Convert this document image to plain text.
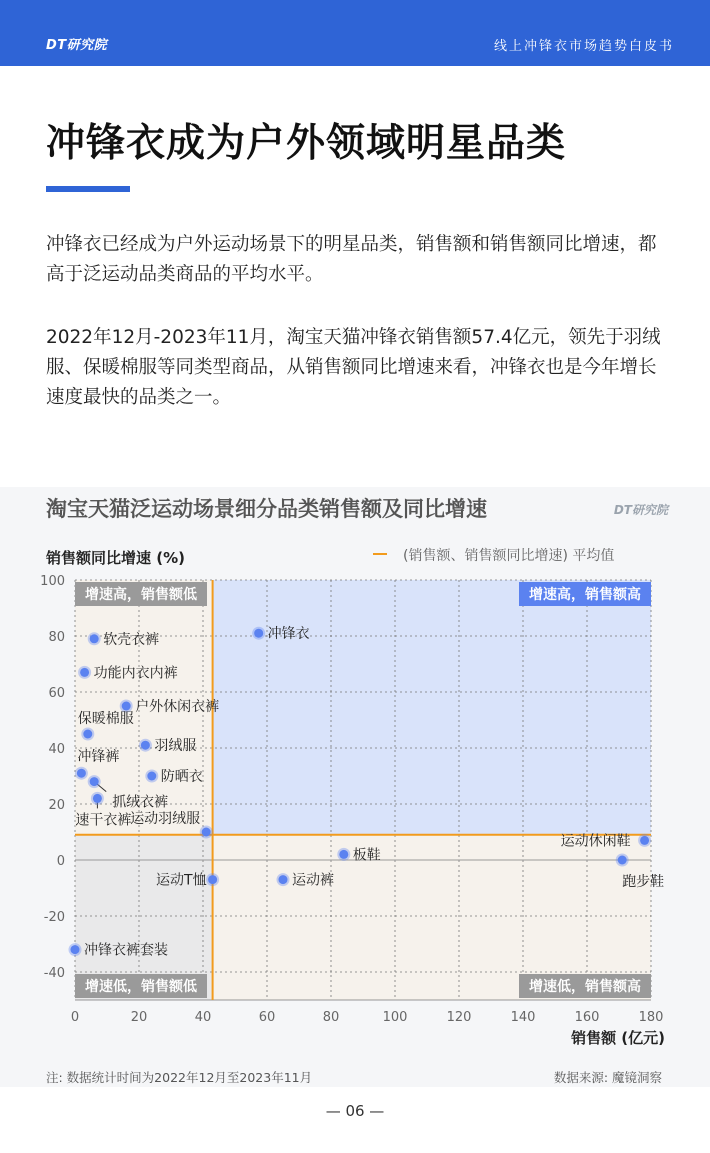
DT研究院	线上冲锋衣市场趋势白皮书
冲锋衣成为户外领域明星品类

冲锋衣已经成为户外运动场景下的明星品类，销售额和销售额同比增速，都高于泛运动品类商品的平均水平。

2022年12月-2023年11月，淘宝天猫冲锋衣销售额57.4亿元，领先于羽绒服、保暖棉服等同类型商品，从销售额同比增速来看，冲锋衣也是今年增长速度最快的品类之一。

淘宝天猫泛运动场景细分品类销售额及同比增速	DT研究院
0	20	40	60	80	100	120	140	160	180
-40
-20
0
20
40
60
80
100
销售额同比增速 (%)
销售额 (亿元)
(销售额、销售额同比增速) 平均值
增速高，销售额低	增速高，销售额高
增速低，销售额低	增速低，销售额高
冲锋衣
软壳衣裤
功能内衣内裤
户外休闲衣裤
保暖棉服
羽绒服
冲锋裤
防晒衣
抓绒衣裤
速干衣裤
运动羽绒服
板鞋
运动休闲鞋
跑步鞋
运动T恤	运动裤
冲锋衣裤套装
注: 数据统计时间为2022年12月至2023年11月	数据来源: 魔镜洞察
— 06 —
